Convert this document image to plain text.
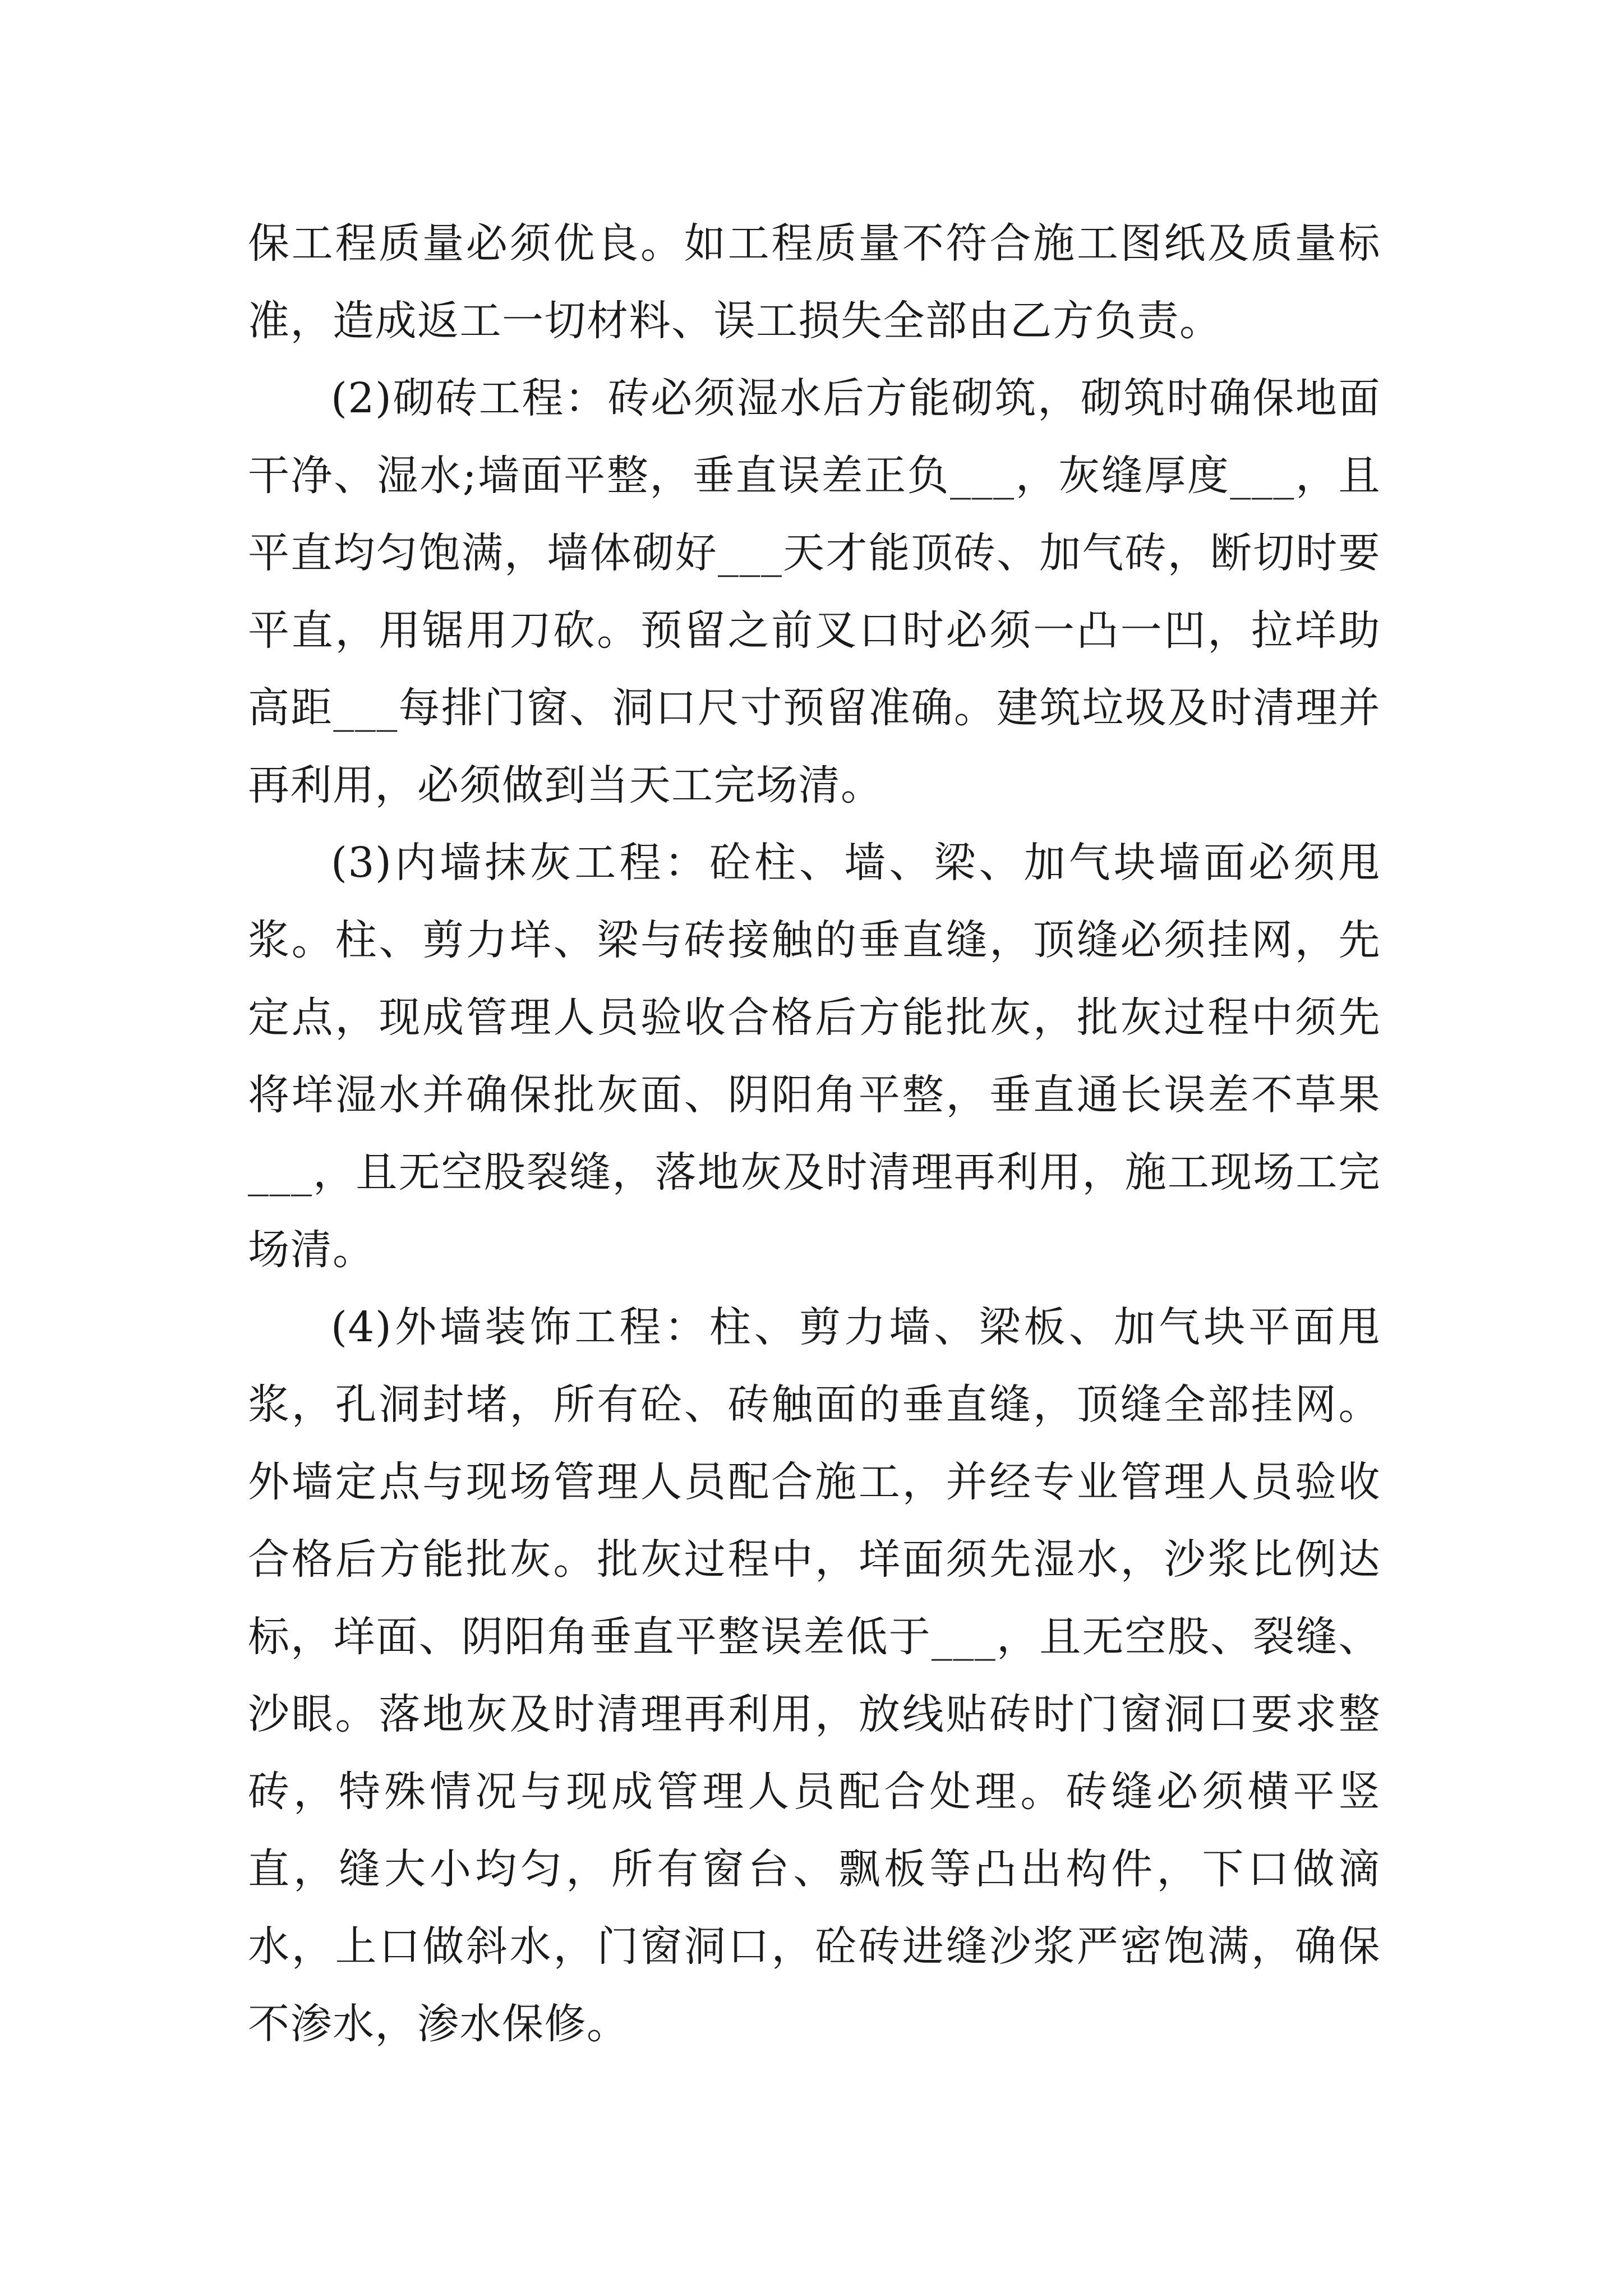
保工程质量必须优良。如工程质量不符合施工图纸及质量标准，造成返工一切材料、误工损失全部由乙方负责。

(2)砌砖工程：砖必须湿水后方能砌筑，砌筑时确保地面干净、湿水;墙面平整，垂直误差正负___，灰缝厚度___，且平直均匀饱满，墙体砌好___天才能顶砖、加气砖，断切时要平直，用锯用刀砍。预留之前叉口时必须一凸一凹，拉垟助高距___每排门窗、洞口尺寸预留准确。建筑垃圾及时清理并再利用，必须做到当天工完场清。

(3)内墙抹灰工程：砼柱、墙、梁、加气块墙面必须甩浆。柱、剪力垟、梁与砖接触的垂直缝，顶缝必须挂网，先定点，现成管理人员验收合格后方能批灰，批灰过程中须先将垟湿水并确保批灰面、阴阳角平整，垂直通长误差不草果___，且无空股裂缝，落地灰及时清理再利用，施工现场工完场清。

(4)外墙装饰工程：柱、剪力墙、梁板、加气块平面甩浆，孔洞封堵，所有砼、砖触面的垂直缝，顶缝全部挂网。外墙定点与现场管理人员配合施工，并经专业管理人员验收合格后方能批灰。批灰过程中，垟面须先湿水，沙浆比例达标，垟面、阴阳角垂直平整误差低于___，且无空股、裂缝、沙眼。落地灰及时清理再利用，放线贴砖时门窗洞口要求整砖，特殊情况与现成管理人员配合处理。砖缝必须横平竖直，缝大小均匀，所有窗台、飘板等凸出构件，下口做滴水，上口做斜水，门窗洞口，砼砖进缝沙浆严密饱满，确保不渗水，渗水保修。
